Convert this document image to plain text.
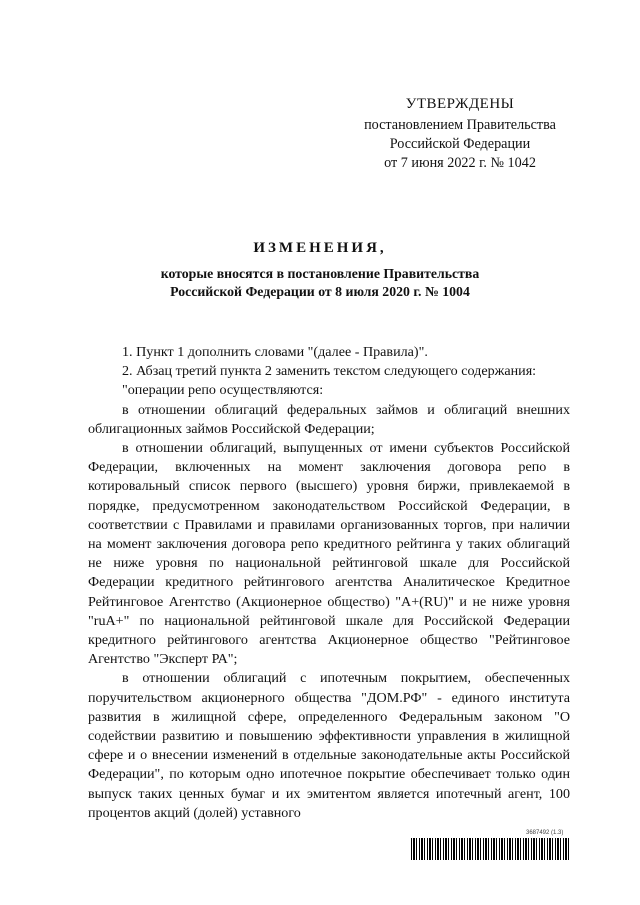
УТВЕРЖДЕНЫ
постановлением Правительства
Российской Федерации
от 7 июня 2022 г. № 1042
ИЗМЕНЕНИЯ,
которые вносятся в постановление Правительства
Российской Федерации от 8 июля 2020 г. № 1004

1. Пункт 1 дополнить словами "(далее - Правила)".

2. Абзац третий пункта 2 заменить текстом следующего содержания:

"операции репо осуществляются:

в отношении облигаций федеральных займов и облигаций внешних облигационных займов Российской Федерации;

в отношении облигаций, выпущенных от имени субъектов Российской Федерации, включенных на момент заключения договора репо в котировальный список первого (высшего) уровня биржи, привлекаемой в порядке, предусмотренном законодательством Российской Федерации, в соответствии с Правилами и правилами организованных торгов, при наличии на момент заключения договора репо кредитного рейтинга у таких облигаций не ниже уровня по национальной рейтинговой шкале для Российской Федерации кредитного рейтингового агентства Аналитическое Кредитное Рейтинговое Агентство (Акционерное общество) "A+(RU)" и не ниже уровня "ruA+" по национальной рейтинговой шкале для Российской Федерации кредитного рейтингового агентства Акционерное общество "Рейтинговое Агентство "Эксперт РА";

в отношении облигаций с ипотечным покрытием, обеспеченных поручительством акционерного общества "ДОМ.РФ" - единого института развития в жилищной сфере, определенного Федеральным законом "О содействии развитию и повышению эффективности управления в жилищной сфере и о внесении изменений в отдельные законодательные акты Российской Федерации", по которым одно ипотечное покрытие обеспечивает только один выпуск таких ценных бумаг и их эмитентом является ипотечный агент, 100 процентов акций (долей) уставного

3687492 (1.3)
